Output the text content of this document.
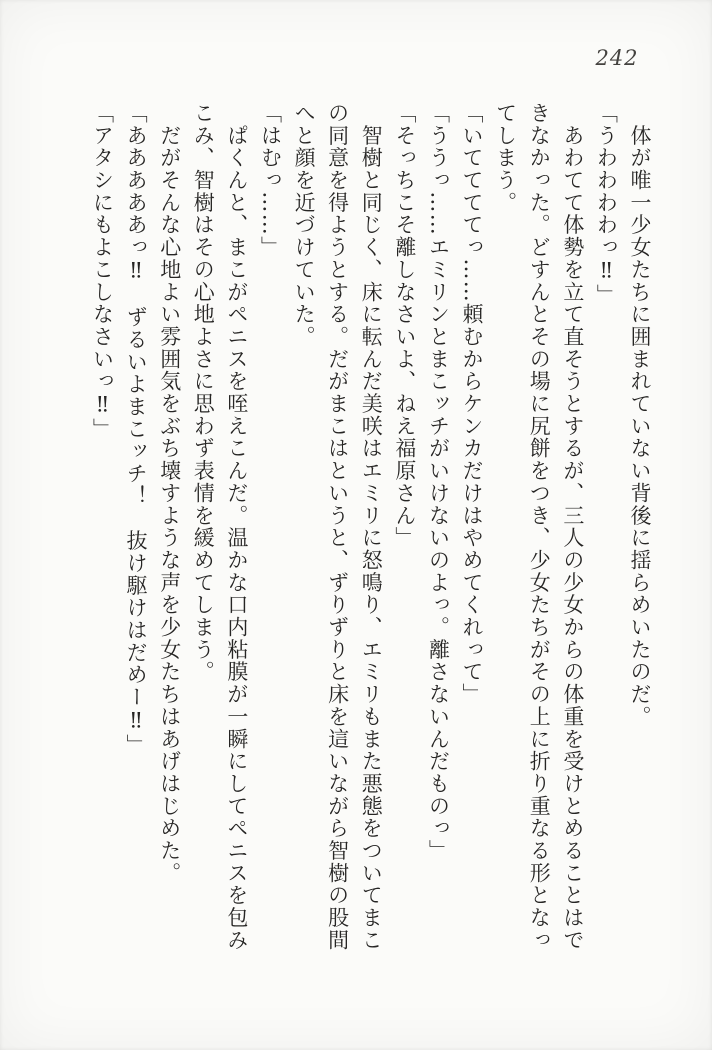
242

　体が唯一少女たちに囲まれていない背後に揺らめいたのだ。

「うわわわわっ‼」

　あわてて体勢を立て直そうとするが、三人の少女からの体重を受けとめることはで

きなかった。どすんとその場に尻餅をつき、少女たちがその上に折り重なる形となっ

てしまう。

「いててててっ……頼むからケンカだけはやめてくれって」

「ううっ……エミリンとまこッチがいけないのよっ。離さないんだものっ」

「そっちこそ離しなさいよ、ねえ福原さん」

　智樹と同じく、床に転んだ美咲はエミリに怒鳴り、エミリもまた悪態をついてまこ

の同意を得ようとする。だがまこはというと、ずりずりと床を這いながら智樹の股間

へと顔を近づけていた。

「はむっ……」

　ぱくんと、まこがペニスを咥えこんだ。温かな口内粘膜が一瞬にしてペニスを包み

こみ、智樹はその心地よさに思わず表情を緩めてしまう。

　だがそんな心地よい雰囲気をぶち壊すような声を少女たちはあげはじめた。

「あああああっ‼　ずるいよまこッチ！　抜け駆けはだめー‼」

「アタシにもよこしなさいっ‼」
